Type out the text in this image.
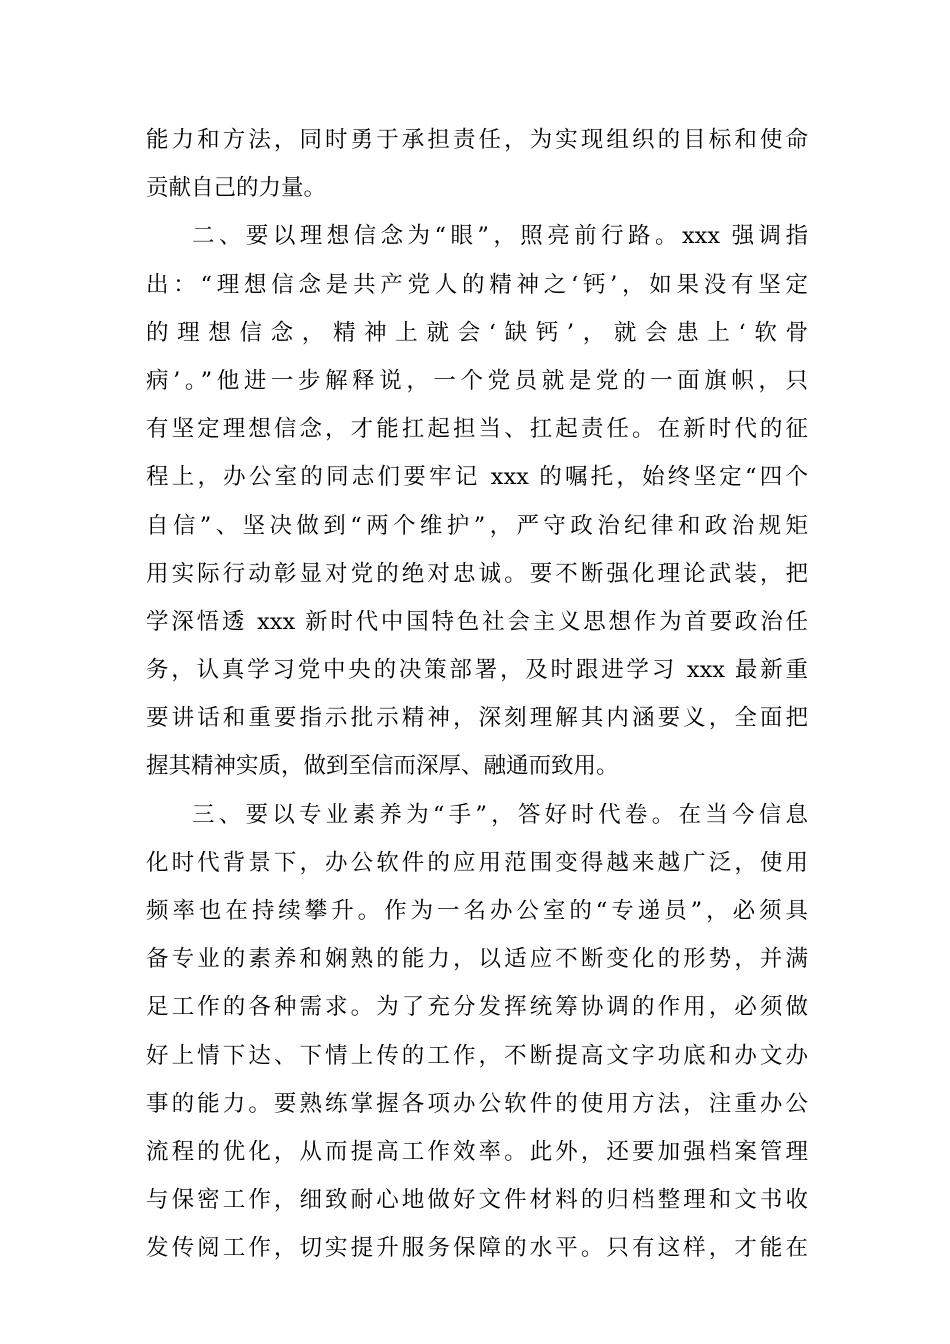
能力和方法，同时勇于承担责任，为实现组织的目标和使命
贡献自己的力量。
二、要以理想信念为“眼”，照亮前行路。xxx 强调指
出：“理想信念是共产党人的精神之‘钙’，如果没有坚定
的理想信念，精神上就会‘缺钙’，就会患上‘软骨
病’。”他进一步解释说，一个党员就是党的一面旗帜，只
有坚定理想信念，才能扛起担当、扛起责任。在新时代的征
程上，办公室的同志们要牢记 xxx 的嘱托，始终坚定“四个
自信”、坚决做到“两个维护”，严守政治纪律和政治规矩
用实际行动彰显对党的绝对忠诚。要不断强化理论武装，把
学深悟透 xxx 新时代中国特色社会主义思想作为首要政治任
务，认真学习党中央的决策部署，及时跟进学习 xxx 最新重
要讲话和重要指示批示精神，深刻理解其内涵要义，全面把
握其精神实质，做到至信而深厚、融通而致用。
三、要以专业素养为“手”，答好时代卷。在当今信息
化时代背景下，办公软件的应用范围变得越来越广泛，使用
频率也在持续攀升。作为一名办公室的“专递员”，必须具
备专业的素养和娴熟的能力，以适应不断变化的形势，并满
足工作的各种需求。为了充分发挥统筹协调的作用，必须做
好上情下达、下情上传的工作，不断提高文字功底和办文办
事的能力。要熟练掌握各项办公软件的使用方法，注重办公
流程的优化，从而提高工作效率。此外，还要加强档案管理
与保密工作，细致耐心地做好文件材料的归档整理和文书收
发传阅工作，切实提升服务保障的水平。只有这样，才能在
